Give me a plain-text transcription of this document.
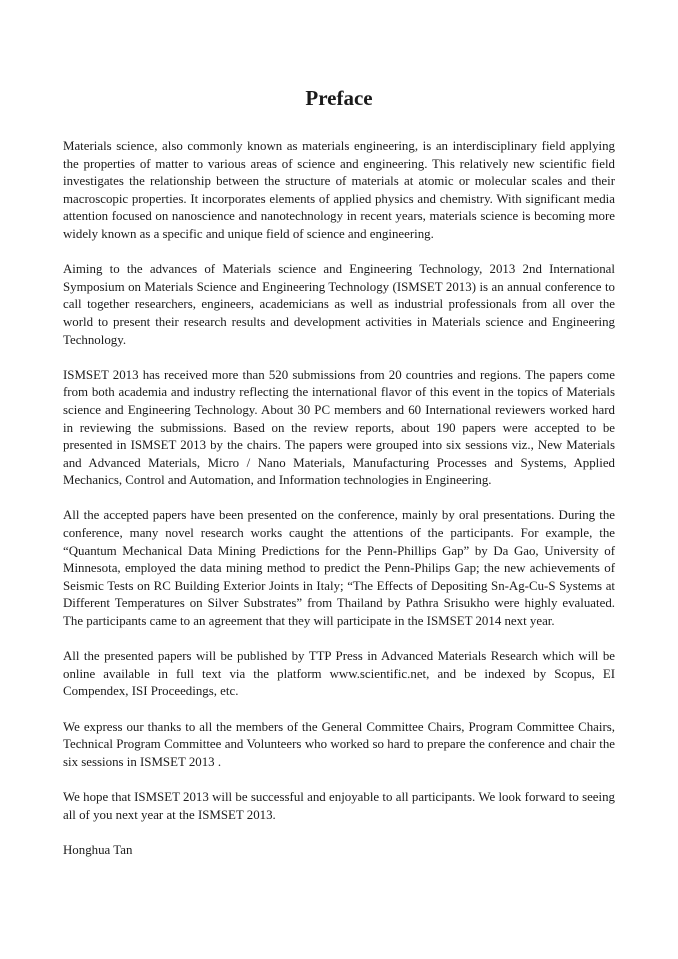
Preface

Materials science, also commonly known as materials engineering, is an interdisciplinary field applying the properties of matter to various areas of science and engineering. This relatively new scientific field investigates the relationship between the structure of materials at atomic or molecular scales and their macroscopic properties. It incorporates elements of applied physics and chemistry. With significant media attention focused on nanoscience and nanotechnology in recent years, materials science is becoming more widely known as a specific and unique field of science and engineering.

Aiming to the advances of Materials science and Engineering Technology, 2013 2nd International Symposium on Materials Science and Engineering Technology (ISMSET 2013) is an annual conference to call together researchers, engineers, academicians as well as industrial professionals from all over the world to present their research results and development activities in Materials science and Engineering Technology.

ISMSET 2013 has received more than 520 submissions from 20 countries and regions. The papers come from both academia and industry reflecting the international flavor of this event in the topics of Materials science and Engineering Technology. About 30 PC members and 60 International reviewers worked hard in reviewing the submissions. Based on the review reports, about 190 papers were accepted to be presented in ISMSET 2013 by the chairs. The papers were grouped into six sessions viz., New Materials and Advanced Materials, Micro / Nano Materials, Manufacturing Processes and Systems, Applied Mechanics, Control and Automation, and Information technologies in Engineering.

All the accepted papers have been presented on the conference, mainly by oral presentations. During the conference, many novel research works caught the attentions of the participants. For example, the “Quantum Mechanical Data Mining Predictions for the Penn-Phillips Gap” by Da Gao, University of Minnesota, employed the data mining method to predict the Penn-Philips Gap; the new achievements of Seismic Tests on RC Building Exterior Joints in Italy; “The Effects of Depositing Sn-Ag-Cu-S Systems at Different Temperatures on Silver Substrates” from Thailand by Pathra Srisukho were highly evaluated. The participants came to an agreement that they will participate in the ISMSET 2014 next year.

All the presented papers will be published by TTP Press in Advanced Materials Research which will be online available in full text via the platform www.scientific.net, and be indexed by Scopus, EI Compendex, ISI Proceedings, etc.

We express our thanks to all the members of the General Committee Chairs, Program Committee Chairs, Technical Program Committee and Volunteers who worked so hard to prepare the conference and chair the six sessions in ISMSET 2013 .

We hope that ISMSET 2013 will be successful and enjoyable to all participants. We look forward to seeing all of you next year at the ISMSET 2013.

Honghua Tan
